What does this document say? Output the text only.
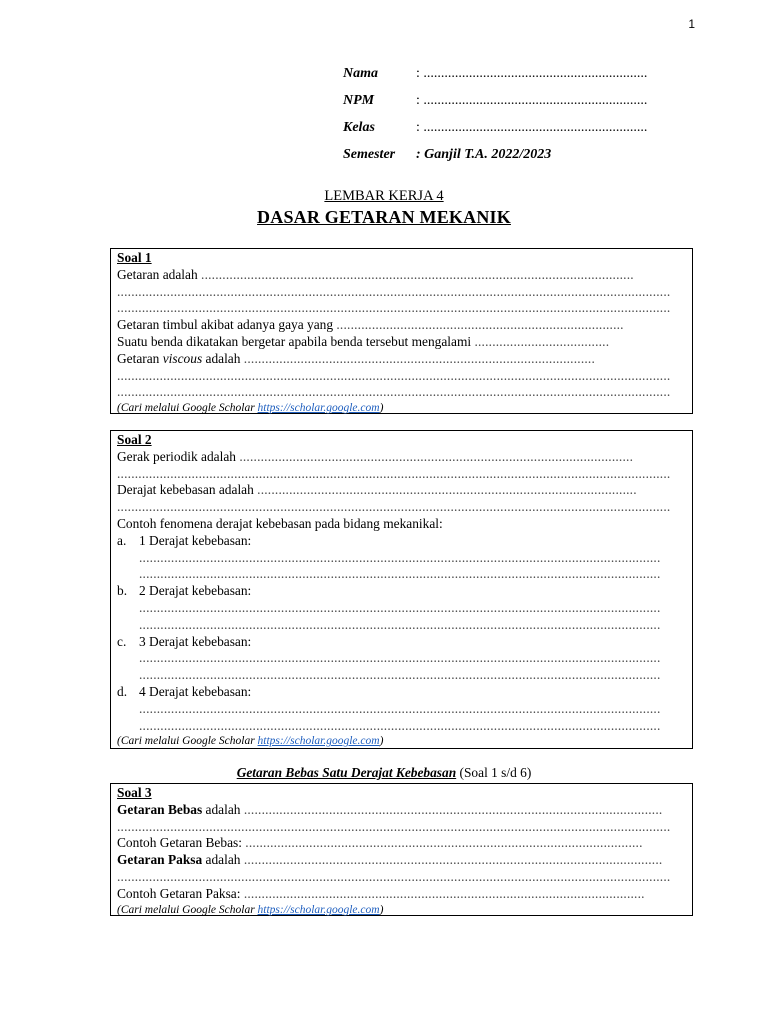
1
Nama	: ................................................................
NPM	: ................................................................
Kelas	: ................................................................
Semester	: Ganjil T.A. 2022/2023
LEMBAR KERJA 4
DASAR GETARAN MEKANIK
Soal 1
Getaran adalah ..........................................................................................................................
............................................................................................................................................................
............................................................................................................................................................
Getaran timbul akibat adanya gaya yang .................................................................................
Suatu benda dikatakan bergetar apabila benda tersebut mengalami ......................................
Getaran viscous adalah ...................................................................................................
............................................................................................................................................................
............................................................................................................................................................
(Cari melalui Google Scholar https://scholar.google.com)
Soal 2
Gerak periodik adalah ...............................................................................................................
............................................................................................................................................................
Derajat kebebasan adalah ...........................................................................................................
............................................................................................................................................................
Contoh fenomena derajat kebebasan pada bidang mekanikal:
a. 1 Derajat kebebasan:
...................................................................................................................................................
...................................................................................................................................................
b. 2 Derajat kebebasan:
...................................................................................................................................................
...................................................................................................................................................
c. 3 Derajat kebebasan:
...................................................................................................................................................
...................................................................................................................................................
d. 4 Derajat kebebasan:
...................................................................................................................................................
...................................................................................................................................................
(Cari melalui Google Scholar https://scholar.google.com)
Getaran Bebas Satu Derajat Kebebasan (Soal 1 s/d 6)
Soal 3
Getaran Bebas adalah ......................................................................................................................
............................................................................................................................................................
Contoh Getaran Bebas: ................................................................................................................
Getaran Paksa adalah ......................................................................................................................
............................................................................................................................................................
Contoh Getaran Paksa: .................................................................................................................
(Cari melalui Google Scholar https://scholar.google.com)
